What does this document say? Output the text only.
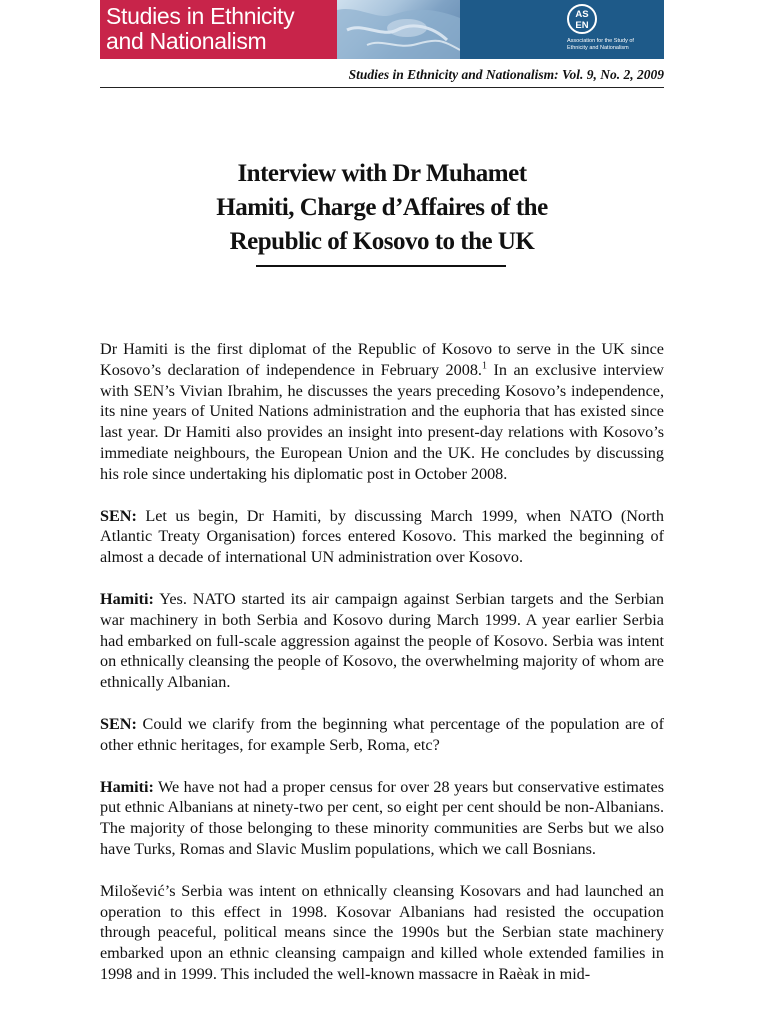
Studies in Ethnicity
and Nationalism
AS
EN
Association for the Study of
Ethnicity and Nationalism
Studies in Ethnicity and Nationalism: Vol. 9, No. 2, 2009
Interview with Dr Muhamet
Hamiti, Charge d’Affaires of the
Republic of Kosovo to the UK

Dr Hamiti is the first diplomat of the Republic of Kosovo to serve in the UK since Kosovo’s declaration of independence in February 2008.$^1$ In an exclusive interview with SEN’s Vivian Ibrahim, he discusses the years preceding Kosovo’s independence, its nine years of United Nations administration and the euphoria that has existed since last year. Dr Hamiti also provides an insight into present-day relations with Kosovo’s immediate neighbours, the European Union and the UK. He concludes by discussing his role since undertaking his diplomatic post in October 2008.

SEN: Let us begin, Dr Hamiti, by discussing March 1999, when NATO (North Atlantic Treaty Organisation) forces entered Kosovo. This marked the beginning of almost a decade of international UN administration over Kosovo.

Hamiti: Yes. NATO started its air campaign against Serbian targets and the Serbian war machinery in both Serbia and Kosovo during March 1999. A year earlier Serbia had embarked on full-scale aggression against the people of Kosovo. Serbia was intent on ethnically cleansing the people of Kosovo, the overwhelming majority of whom are ethnically Albanian.

SEN: Could we clarify from the beginning what percentage of the population are of other ethnic heritages, for example Serb, Roma, etc?

Hamiti: We have not had a proper census for over 28 years but conservative estimates put ethnic Albanians at ninety-two per cent, so eight per cent should be non-Albanians. The majority of those belonging to these minority communities are Serbs but we also have Turks, Romas and Slavic Muslim populations, which we call Bosnians.

Milošević’s Serbia was intent on ethnically cleansing Kosovars and had launched an operation to this effect in 1998. Kosovar Albanians had resisted the occupation through peaceful, political means since the 1990s but the Serbian state machinery embarked upon an ethnic cleansing campaign and killed whole extended families in 1998 and in 1999. This included the well-known massacre in Raèak in mid-
